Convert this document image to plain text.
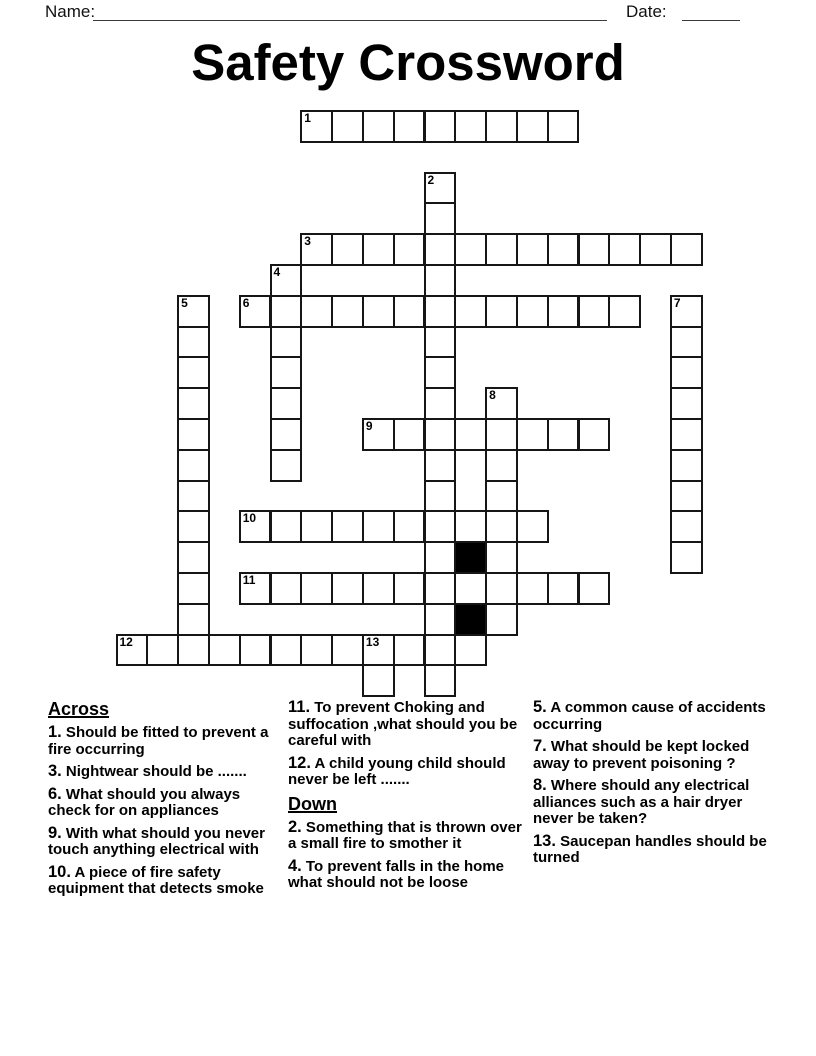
Name:	Date:
Safety Crossword
1
2
3
4
5	6	7
8
9
10
11
12	13
Across
1. Should be fitted to prevent a fire occurring
3. Nightwear should be .......
6. What should you always check for on appliances
9. With what should you never touch anything electrical with
10. A piece of fire safety equipment that detects smoke
11. To prevent Choking and suffocation ,what should you be careful with
12. A child young child should never be left .......
Down
2. Something that is thrown over a small fire to smother it
4. To prevent falls in the home what should not be loose
5. A common cause of accidents occurring
7. What should be kept locked away to prevent poisoning ?
8. Where should any electrical alliances such as a hair dryer never be taken?
13. Saucepan handles should be turned
